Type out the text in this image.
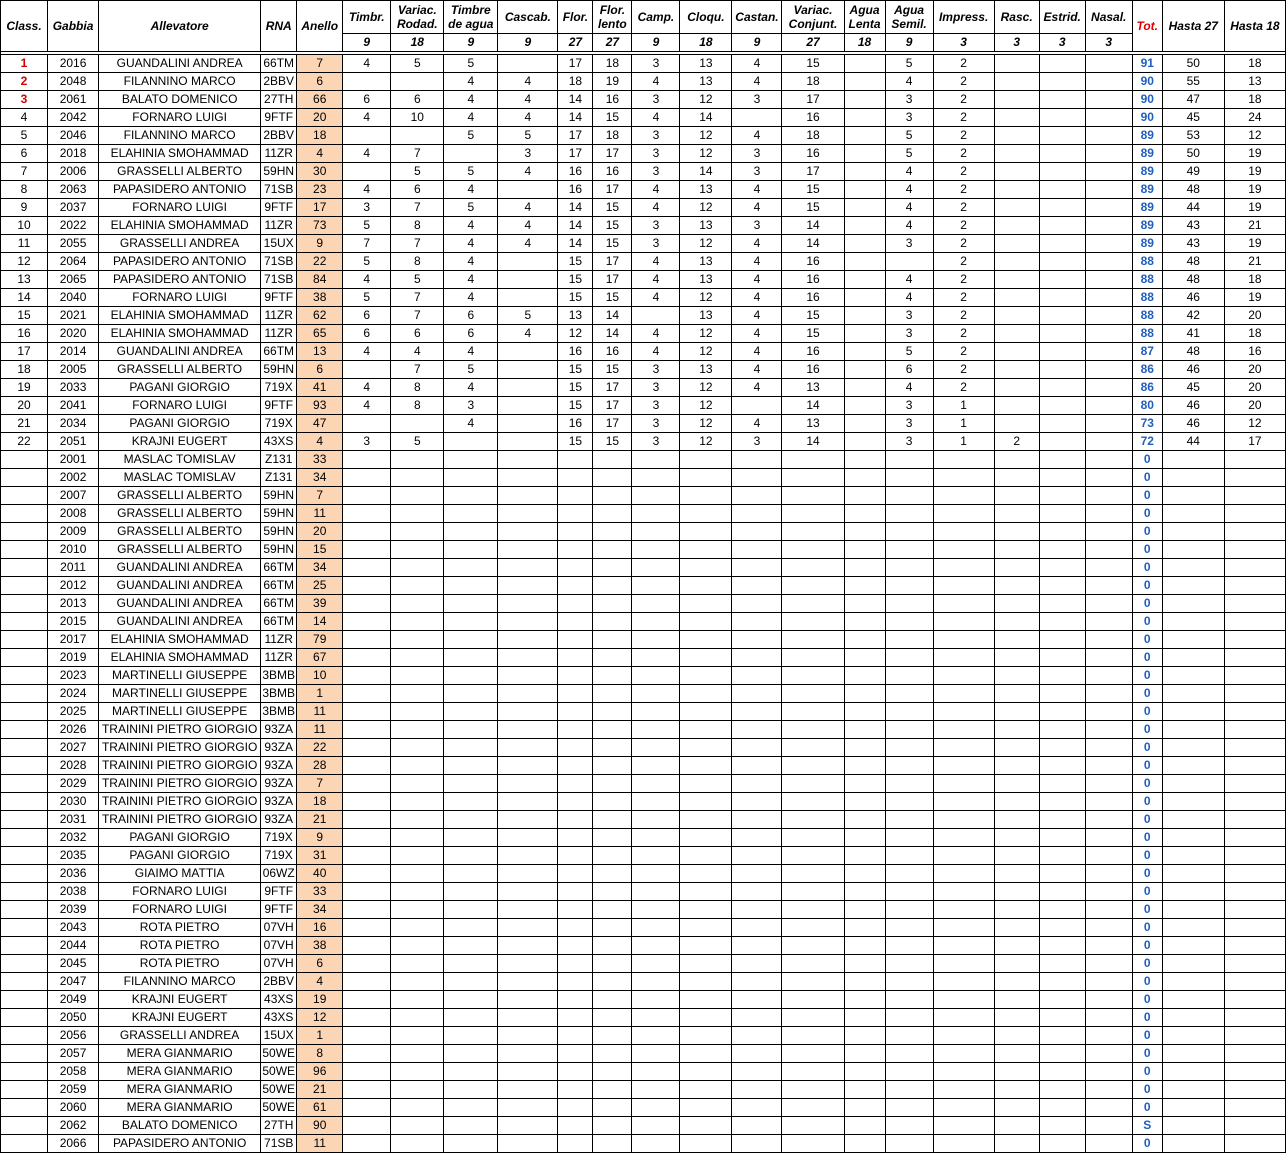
Class.	Gabbia	Allevatore	RNA	Anello	Timbr.	Variac. Rodad.	Timbre de agua	Cascab.	Flor.	Flor. lento	Camp.	Cloqu.	Castan.	Variac. Conjunt.	Agua Lenta	Agua Semil.	Impress.	Rasc.	Estrid.	Nasal.	Tot.	Hasta 27	Hasta 18
					9	18	9	9	27	27	9	18	9	27	18	9	3	3	3	3			

1	2016	GUANDALINI ANDREA	66TM	7	4	5	5		17	18	3	13	4	15		5	2				91	50	18
2	2048	FILANNINO MARCO	2BBV	6			4	4	18	19	4	13	4	18		4	2				90	55	13
3	2061	BALATO DOMENICO	27TH	66	6	6	4	4	14	16	3	12	3	17		3	2				90	47	18
4	2042	FORNARO LUIGI	9FTF	20	4	10	4	4	14	15	4	14		16		3	2				90	45	24
5	2046	FILANNINO MARCO	2BBV	18			5	5	17	18	3	12	4	18		5	2				89	53	12
6	2018	ELAHINIA SMOHAMMAD	11ZR	4	4	7		3	17	17	3	12	3	16		5	2				89	50	19
7	2006	GRASSELLI ALBERTO	59HN	30		5	5	4	16	16	3	14	3	17		4	2				89	49	19
8	2063	PAPASIDERO ANTONIO	71SB	23	4	6	4		16	17	4	13	4	15		4	2				89	48	19
9	2037	FORNARO LUIGI	9FTF	17	3	7	5	4	14	15	4	12	4	15		4	2				89	44	19
10	2022	ELAHINIA SMOHAMMAD	11ZR	73	5	8	4	4	14	15	3	13	3	14		4	2				89	43	21
11	2055	GRASSELLI ANDREA	15UX	9	7	7	4	4	14	15	3	12	4	14		3	2				89	43	19
12	2064	PAPASIDERO ANTONIO	71SB	22	5	8	4		15	17	4	13	4	16			2				88	48	21
13	2065	PAPASIDERO ANTONIO	71SB	84	4	5	4		15	17	4	13	4	16		4	2				88	48	18
14	2040	FORNARO LUIGI	9FTF	38	5	7	4		15	15	4	12	4	16		4	2				88	46	19
15	2021	ELAHINIA SMOHAMMAD	11ZR	62	6	7	6	5	13	14		13	4	15		3	2				88	42	20
16	2020	ELAHINIA SMOHAMMAD	11ZR	65	6	6	6	4	12	14	4	12	4	15		3	2				88	41	18
17	2014	GUANDALINI ANDREA	66TM	13	4	4	4		16	16	4	12	4	16		5	2				87	48	16
18	2005	GRASSELLI ALBERTO	59HN	6		7	5		15	15	3	13	4	16		6	2				86	46	20
19	2033	PAGANI GIORGIO	719X	41	4	8	4		15	17	3	12	4	13		4	2				86	45	20
20	2041	FORNARO LUIGI	9FTF	93	4	8	3		15	17	3	12		14		3	1				80	46	20
21	2034	PAGANI GIORGIO	719X	47			4		16	17	3	12	4	13		3	1				73	46	12
22	2051	KRAJNI EUGERT	43XS	4	3	5			15	15	3	12	3	14		3	1	2			72	44	17
	2001	MASLAC TOMISLAV	Z131	33																	0		
	2002	MASLAC TOMISLAV	Z131	34																	0		
	2007	GRASSELLI ALBERTO	59HN	7																	0		
	2008	GRASSELLI ALBERTO	59HN	11																	0		
	2009	GRASSELLI ALBERTO	59HN	20																	0		
	2010	GRASSELLI ALBERTO	59HN	15																	0		
	2011	GUANDALINI ANDREA	66TM	34																	0		
	2012	GUANDALINI ANDREA	66TM	25																	0		
	2013	GUANDALINI ANDREA	66TM	39																	0		
	2015	GUANDALINI ANDREA	66TM	14																	0		
	2017	ELAHINIA SMOHAMMAD	11ZR	79																	0		
	2019	ELAHINIA SMOHAMMAD	11ZR	67																	0		
	2023	MARTINELLI GIUSEPPE	3BMB	10																	0		
	2024	MARTINELLI GIUSEPPE	3BMB	1																	0		
	2025	MARTINELLI GIUSEPPE	3BMB	11																	0		
	2026	TRAININI PIETRO GIORGIO	93ZA	11																	0		
	2027	TRAININI PIETRO GIORGIO	93ZA	22																	0		
	2028	TRAININI PIETRO GIORGIO	93ZA	28																	0		
	2029	TRAININI PIETRO GIORGIO	93ZA	7																	0		
	2030	TRAININI PIETRO GIORGIO	93ZA	18																	0		
	2031	TRAININI PIETRO GIORGIO	93ZA	21																	0		
	2032	PAGANI GIORGIO	719X	9																	0		
	2035	PAGANI GIORGIO	719X	31																	0		
	2036	GIAIMO MATTIA	06WZ	40																	0		
	2038	FORNARO LUIGI	9FTF	33																	0		
	2039	FORNARO LUIGI	9FTF	34																	0		
	2043	ROTA PIETRO	07VH	16																	0		
	2044	ROTA PIETRO	07VH	38																	0		
	2045	ROTA PIETRO	07VH	6																	0		
	2047	FILANNINO MARCO	2BBV	4																	0		
	2049	KRAJNI EUGERT	43XS	19																	0		
	2050	KRAJNI EUGERT	43XS	12																	0		
	2056	GRASSELLI ANDREA	15UX	1																	0		
	2057	MERA GIANMARIO	50WE	8																	0		
	2058	MERA GIANMARIO	50WE	96																	0		
	2059	MERA GIANMARIO	50WE	21																	0		
	2060	MERA GIANMARIO	50WE	61																	0		
	2062	BALATO DOMENICO	27TH	90																	S		
	2066	PAPASIDERO ANTONIO	71SB	11																	0		
